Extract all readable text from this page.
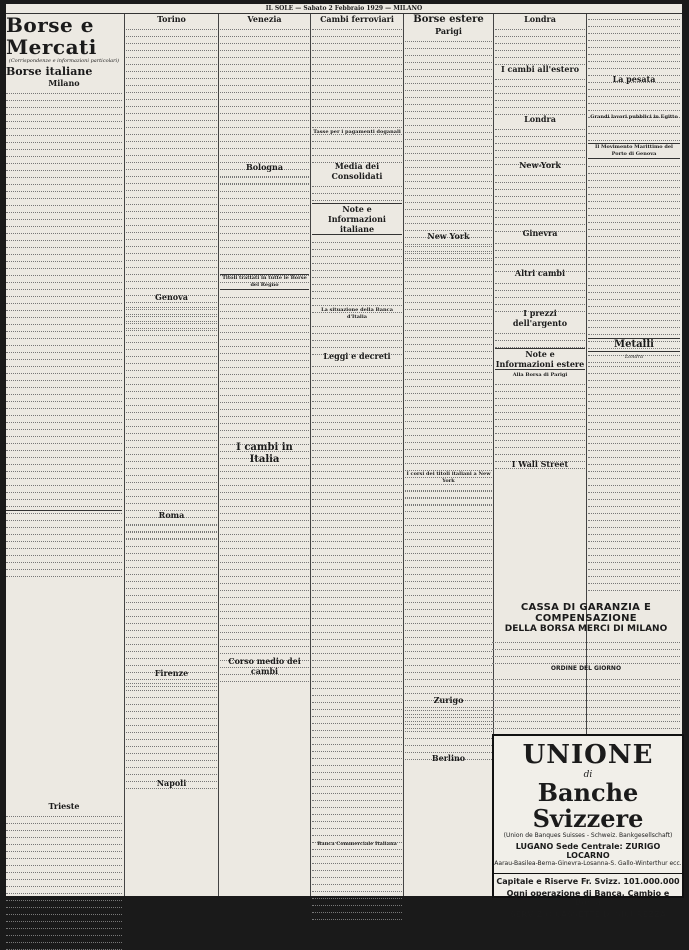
IL SOLE — Sabato 2 Febbraio 1929 — MILANO
Borse e Mercati
(Corrispondenze e informazioni particolari)
Borse italiane
Milano
Trieste
Torino
Genova
Roma
Firenze
Napoli
Venezia
Bologna
Titoli trattati in tutte le Borse del Regno
I cambi in Italia
Corso medio dei cambi
Cambi ferroviari
Tasse per i pagamenti doganali
Media dei Consolidati
Note e Informazioni italiane
La situazione della Banca d'Italia
Leggi e decreti
Banca Commerciale Italiana
Borse estere
Parigi
New York
I corsi dei titoli italiani a New York
Zurigo
Berlino
Londra
I cambi all'estero
Londra
New-York
Ginevra
Altri cambi
I prezzi dell'argento
Note e Informazioni estere
Alla Borsa di Parigi
I Wall Street
La pesata
Grandi lavori pubblici in Egitto
Il Movimento Marittimo del Porto di Genova
Metalli
Londra
CASSA DI GARANZIA E COMPENSAZIONE
DELLA BORSA MERCI DI MILANO
ORDINE DEL GIORNO
UNIONE
di
Banche Svizzere
(Union de Banques Suisses - Schweiz. Bankgesellschaft)
LUGANO Sede Centrale: ZURIGO LOCARNO
Aarau-Basilea-Berna-Ginevra-Losanna-S. Gallo-Winterthur ecc.
Capitale e Riserve Fr. Svizz. 101.000.000
Ogni operazione di Banca, Cambio e Borsa
SERVIZIO CASSETTE DI SICUREZZA
